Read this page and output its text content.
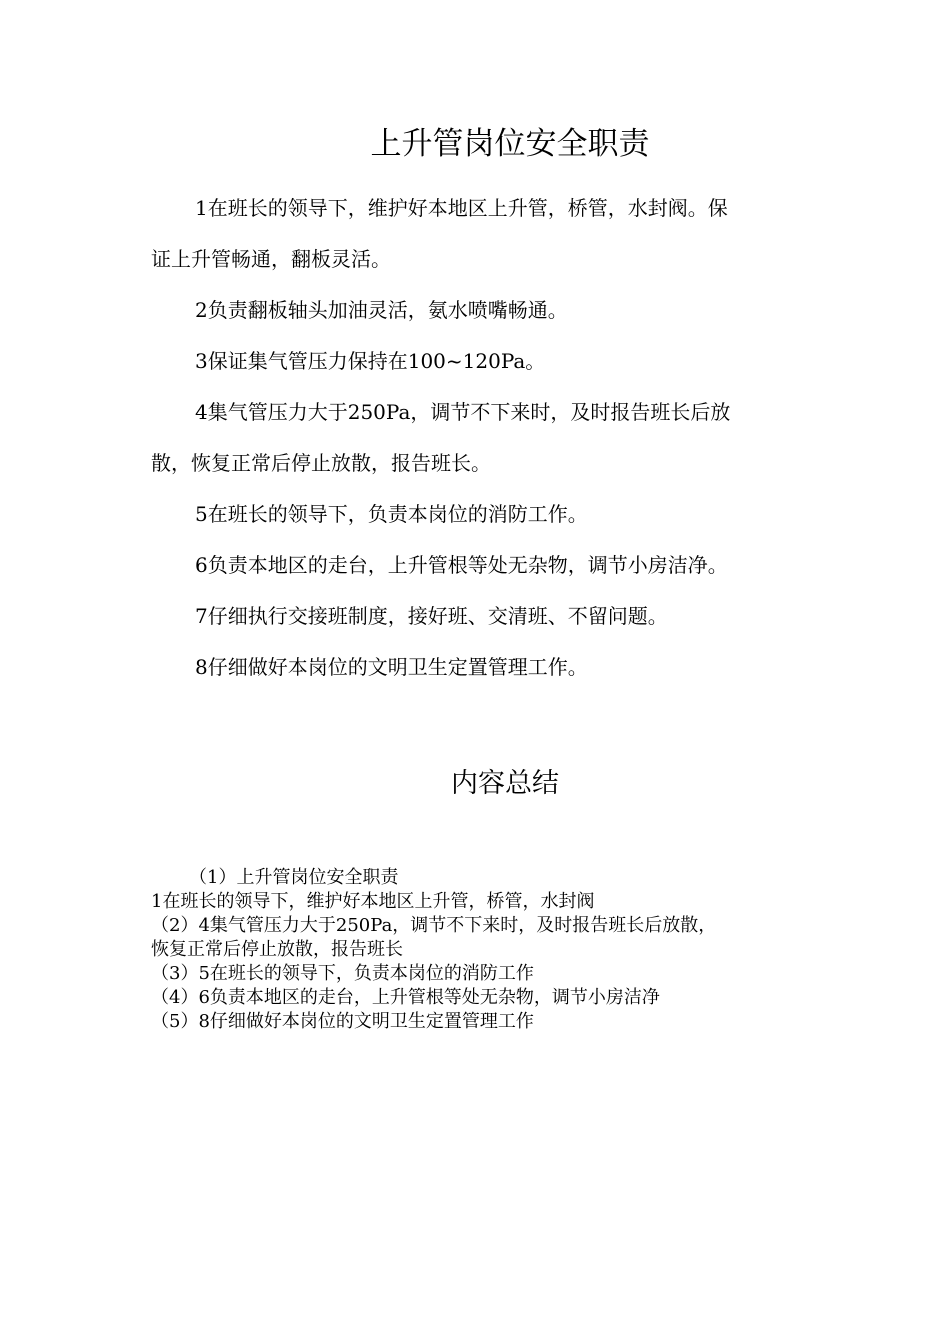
上升管岗位安全职责

1在班长的领导下，维护好本地区上升管，桥管，水封阀。保
证上升管畅通，翻板灵活。

2负责翻板轴头加油灵活，氨水喷嘴畅通。

3保证集气管压力保持在100~120Pa。

4集气管压力大于250Pa，调节不下来时，及时报告班长后放
散，恢复正常后停止放散，报告班长。

5在班长的领导下，负责本岗位的消防工作。

6负责本地区的走台，上升管根等处无杂物，调节小房洁净。

7仔细执行交接班制度，接好班、交清班、不留问题。

8仔细做好本岗位的文明卫生定置管理工作。

内容总结
（1）上升管岗位安全职责
1在班长的领导下，维护好本地区上升管，桥管，水封阀
（2）4集气管压力大于250Pa，调节不下来时，及时报告班长后放散，
恢复正常后停止放散，报告班长
（3）5在班长的领导下，负责本岗位的消防工作
（4）6负责本地区的走台，上升管根等处无杂物，调节小房洁净
（5）8仔细做好本岗位的文明卫生定置管理工作
